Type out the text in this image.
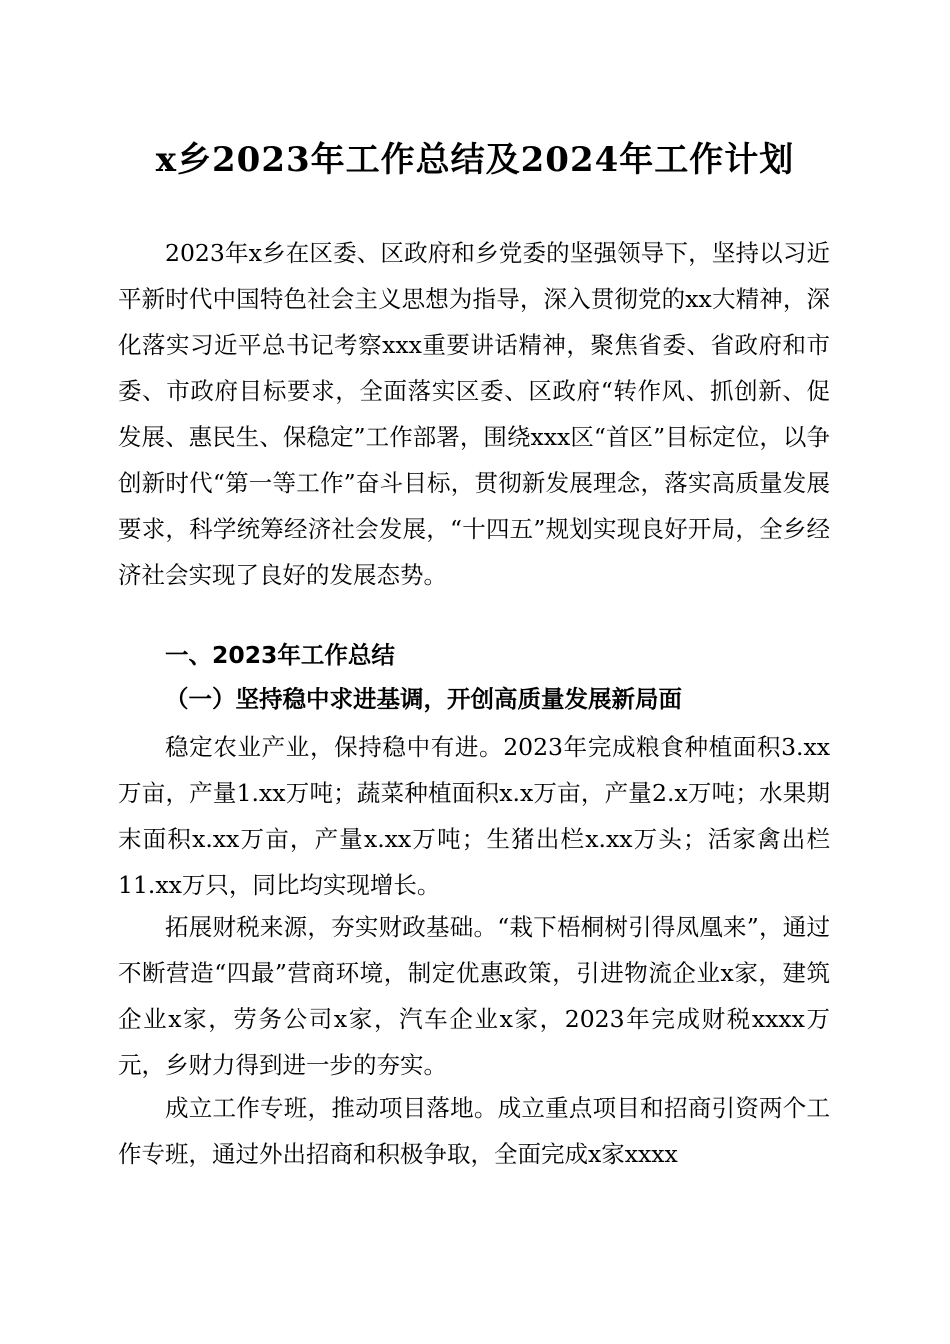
x乡2023年工作总结及2024年工作计划

2023年x乡在区委、区政府和乡党委的坚强领导下，坚持以习近平新时代中国特色社会主义思想为指导，深入贯彻党的xx大精神，深化落实习近平总书记考察xxx重要讲话精神，聚焦省委、省政府和市委、市政府目标要求，全面落实区委、区政府“转作风、抓创新、促发展、惠民生、保稳定”工作部署，围绕xxx区“首区”目标定位，以争创新时代“第一等工作”奋斗目标，贯彻新发展理念，落实高质量发展要求，科学统筹经济社会发展，“十四五”规划实现良好开局，全乡经济社会实现了良好的发展态势。

一、2023年工作总结
（一）坚持稳中求进基调，开创高质量发展新局面

稳定农业产业，保持稳中有进。2023年完成粮食种植面积3.xx万亩，产量1.xx万吨；蔬菜种植面积x.x万亩，产量2.x万吨；水果期末面积x.xx万亩，产量x.xx万吨；生猪出栏x.xx万头；活家禽出栏11.xx万只，同比均实现增长。

拓展财税来源，夯实财政基础。“栽下梧桐树引得凤凰来”，通过不断营造“四最”营商环境，制定优惠政策，引进物流企业x家，建筑企业x家，劳务公司x家，汽车企业x家，2023年完成财税xxxx万元，乡财力得到进一步的夯实。

成立工作专班，推动项目落地。成立重点项目和招商引资两个工作专班，通过外出招商和积极争取，全面完成x家xxxx
